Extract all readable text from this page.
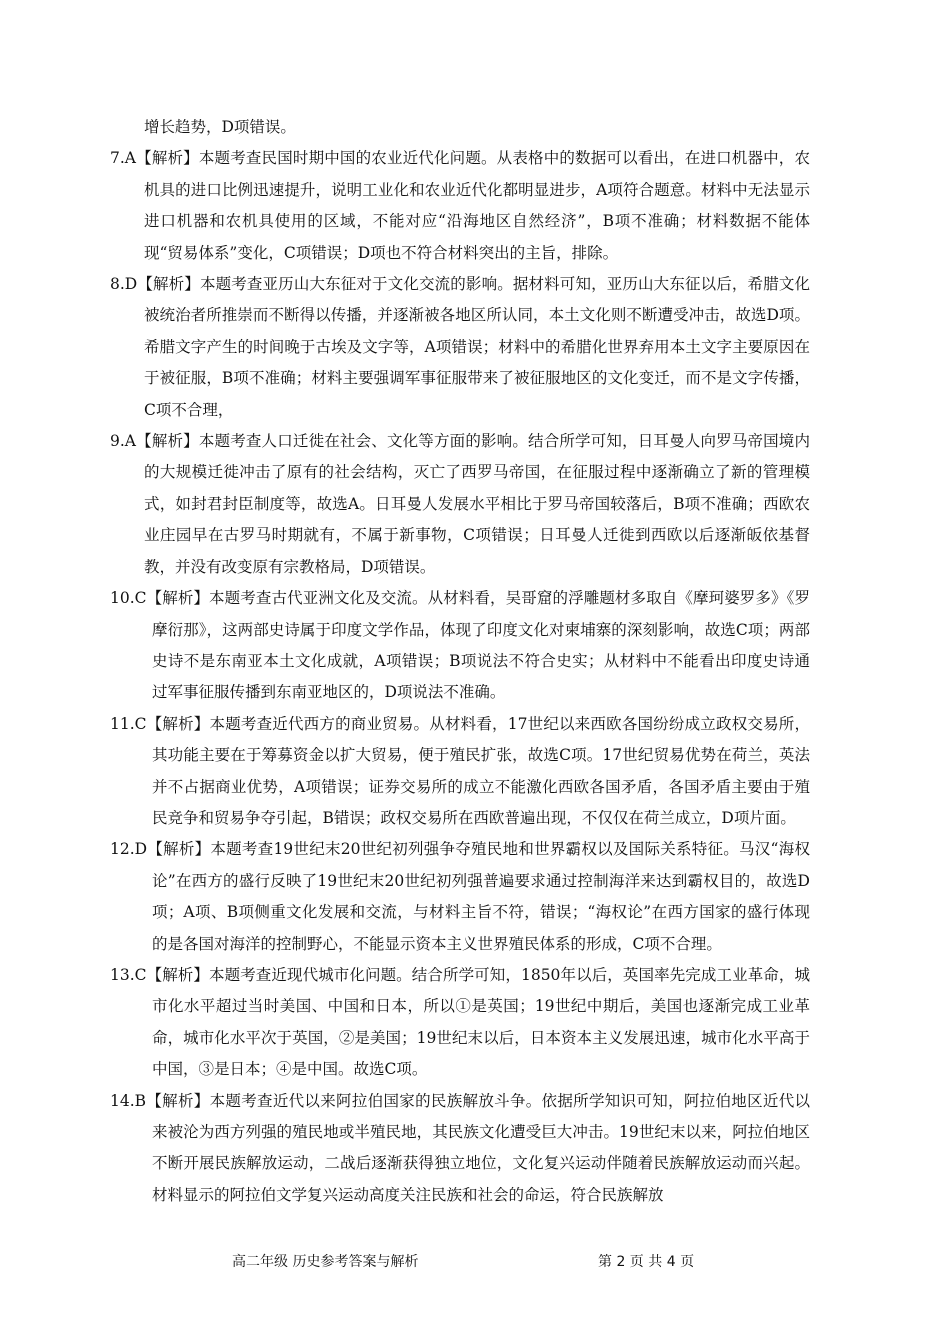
增长趋势，D项错误。

7.A【解析】本题考查民国时期中国的农业近代化问题。从表格中的数据可以看出，在进口机器中，农机具的进口比例迅速提升，说明工业化和农业近代化都明显进步，A项符合题意。材料中无法显示进口机器和农机具使用的区域，不能对应“沿海地区自然经济”，B项不准确；材料数据不能体现“贸易体系”变化，C项错误；D项也不符合材料突出的主旨，排除。

8.D【解析】本题考查亚历山大东征对于文化交流的影响。据材料可知，亚历山大东征以后，希腊文化被统治者所推崇而不断得以传播，并逐渐被各地区所认同，本土文化则不断遭受冲击，故选D项。希腊文字产生的时间晚于古埃及文字等，A项错误；材料中的希腊化世界弃用本土文字主要原因在于被征服，B项不准确；材料主要强调军事征服带来了被征服地区的文化变迁，而不是文字传播，C项不合理，

9.A【解析】本题考查人口迁徙在社会、文化等方面的影响。结合所学可知，日耳曼人向罗马帝国境内的大规模迁徙冲击了原有的社会结构，灭亡了西罗马帝国，在征服过程中逐渐确立了新的管理模式，如封君封臣制度等，故选A。日耳曼人发展水平相比于罗马帝国较落后，B项不准确；西欧农业庄园早在古罗马时期就有，不属于新事物，C项错误；日耳曼人迁徙到西欧以后逐渐皈依基督教，并没有改变原有宗教格局，D项错误。

10.C【解析】本题考查古代亚洲文化及交流。从材料看，吴哥窟的浮雕题材多取自《摩珂婆罗多》《罗摩衍那》，这两部史诗属于印度文学作品，体现了印度文化对柬埔寨的深刻影响，故选C项；两部史诗不是东南亚本土文化成就，A项错误；B项说法不符合史实；从材料中不能看出印度史诗通过军事征服传播到东南亚地区的，D项说法不准确。

11.C【解析】本题考查近代西方的商业贸易。从材料看，17世纪以来西欧各国纷纷成立政权交易所，其功能主要在于筹募资金以扩大贸易，便于殖民扩张，故选C项。17世纪贸易优势在荷兰，英法并不占据商业优势，A项错误；证券交易所的成立不能激化西欧各国矛盾，各国矛盾主要由于殖民竞争和贸易争夺引起，B错误；政权交易所在西欧普遍出现，不仅仅在荷兰成立，D项片面。

12.D【解析】本题考查19世纪末20世纪初列强争夺殖民地和世界霸权以及国际关系特征。马汉“海权论”在西方的盛行反映了19世纪末20世纪初列强普遍要求通过控制海洋来达到霸权目的，故选D项；A项、B项侧重文化发展和交流，与材料主旨不符，错误；“海权论”在西方国家的盛行体现的是各国对海洋的控制野心，不能显示资本主义世界殖民体系的形成，C项不合理。

13.C【解析】本题考查近现代城市化问题。结合所学可知，1850年以后，英国率先完成工业革命，城市化水平超过当时美国、中国和日本，所以①是英国；19世纪中期后，美国也逐渐完成工业革命，城市化水平次于英国，②是美国；19世纪末以后，日本资本主义发展迅速，城市化水平高于中国，③是日本；④是中国。故选C项。

14.B【解析】本题考查近代以来阿拉伯国家的民族解放斗争。依据所学知识可知，阿拉伯地区近代以来被沦为西方列强的殖民地或半殖民地，其民族文化遭受巨大冲击。19世纪末以来，阿拉伯地区不断开展民族解放运动，二战后逐渐获得独立地位，文化复兴运动伴随着民族解放运动而兴起。材料显示的阿拉伯文学复兴运动高度关注民族和社会的命运，符合民族解放

高二年级 历史参考答案与解析	第 2 页 共 4 页
